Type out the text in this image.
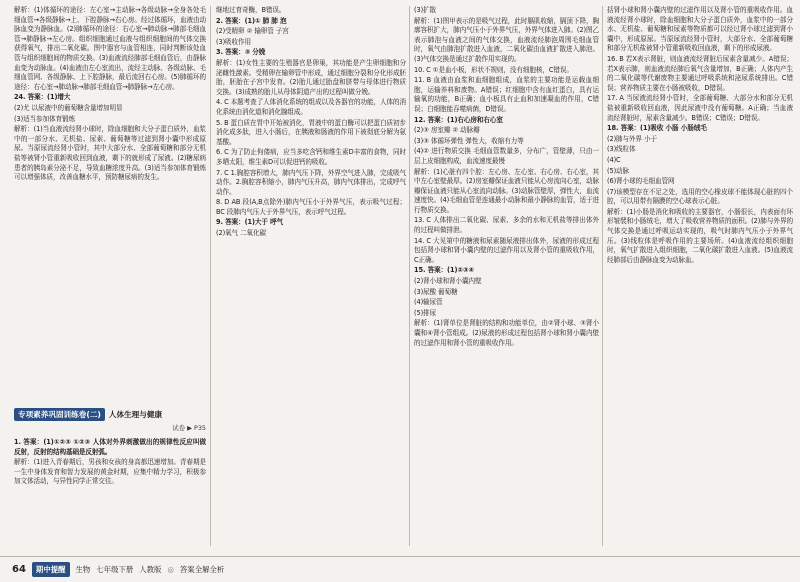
解析：(1)体循环的途径：左心室→主动脉→各级动脉→全身各处毛细血管→各级静脉→上、下腔静脉→右心房。经过体循环，血液由动脉血变为静脉血。(2)肺循环的途径：右心室→肺动脉→肺部毛细血管→肺静脉→左心房。组织细胞通过血液与组织细胞间的气体交换获得氧气，排出二氧化碳。图中器官与血管相连，同时判断该处血管与组织细胞间的物质交换。(3)血液流经肺部毛细血管后，由静脉血变为动脉血。(4)血液由左心室流出，流经主动脉、各级动脉、毛细血管网、各级静脉、上下腔静脉，最后流回右心房。(5)肺循环的途径：右心室→肺动脉→肺部毛细血管→肺静脉→左心房。

24. 答案：(1)增大

(2)尤 以尿液中的葡萄糖含量增加明显

(3)适当参加体育锻炼

解析：(1)当血液流经肾小球时，除血细胞和大分子蛋白质外，血浆中的一部分水、无机盐、尿素、葡萄糖等过滤到肾小囊中形成原尿。当原尿流经肾小管时，其中大部分水、全部葡萄糖和部分无机盐等被肾小管重新吸收回到血液，剩下的就形成了尿液。(2)糖尿病患者的胰岛素分泌不足，导致血糖浓度升高。(3)适当参加体育锻炼可以增强体质，改善血糖水平，预防糖尿病的发生。

专项素养巩固训练卷(二)	人体生理与健康
试卷 ▶ P35

1. 答案：(1)①②③ ①②③ 人体对外界刺激做出的规律性反应叫做反射，反射的结构基础是反射弧。

解析：(1)进入青春期后，男孩和女孩的身高都迅速增加。青春期是一生中身体发育和智力发展的黄金时期，应集中精力学习，积极参加文体活动，与异性同学正常交往。

继地过育奇酶，B错误。

2. 答案：(1)① 肺 肺 泡

(2)受精卵 ② 输卵管 子宫

(3)吸收作用

3. 答案：③ 分娩

解析：(1)女性主要的生殖器官是卵巢，其功能是产生卵细胞和分泌雌性激素。受精卵在输卵管中形成，通过细胞分裂和分化形成胚胎，胚胎在子宫中发育。(2)胎儿通过胎盘和脐带与母体进行物质交换。(3)成熟的胎儿从母体阴道产出的过程叫做分娩。

4. C 本题考查了人体消化系统的组成以及各器官的功能，人体的消化系统由消化道和消化腺组成。

5. B 蛋白质在胃中开始被消化，胃液中的蛋白酶可以把蛋白质初步消化成多肽，进入小肠后，在胰液和肠液的作用下被彻底分解为氨基酸。

6. C 为了防止佝偻病，应当多吃含钙和维生素D丰富的食物，同时多晒太阳，维生素D可以促进钙的吸收。

7. C 1.胸腔容积增大，肺内气压下降，外界空气进入肺，完成吸气动作。2.胸腔容积缩小，肺内气压升高，肺内气体排出，完成呼气动作。

8. D AB 段(A,B点除外)肺内气压小于外界气压，表示吸气过程；BC 段肺内气压大于外界气压，表示呼气过程。

9. 答案：(1)大于 呼气

(2)氧气 二氧化碳

(3)扩散

解析：(1)图甲表示的是吸气过程，此时膈肌收缩，膈顶下降，胸廓容积扩大，肺内气压小于外界气压，外界气体进入肺。(2)图乙表示肺泡与血液之间的气体交换，血液流经肺泡周围毛细血管时，氧气由肺泡扩散进入血液，二氧化碳由血液扩散进入肺泡。(3)气体交换是通过扩散作用实现的。

10. C ①是血小板，形状不规则，没有细胞核，C错误。

11. B 血液由血浆和血细胞组成，血浆的主要功能是运载血细胞，运输养料和废物。A错误；红细胞中含有血红蛋白，具有运输氧的功能，B正确；血小板具有止血和加速凝血的作用，C错误；白细胞能吞噬病菌，D错误。

12. 答案：(1)右心房和右心室

(2)③ 房室瓣 ② 动脉瓣

(3)③ 体循环弹性 弹性大，收缩有力等

(4)② 进行物质交换 毛细血管数量多，分布广，管壁薄，只由一层上皮细胞构成，血流速度最慢

解析：(1)心脏有四个腔：左心房、左心室、右心房、右心室，其中左心室壁最厚。(2)房室瓣保证血液只能从心房流向心室，动脉瓣保证血液只能从心室流向动脉。(3)动脉管壁厚，弹性大，血流速度快。(4)毛细血管是连通最小动脉和最小静脉的血管，适于进行物质交换。

13. C 人体排出二氧化碳、尿素、多余的水和无机盐等排出体外的过程叫做排泄。

14. C 大见第中的糖液和尿素随尿液排出体外，尿液的形成过程包括肾小球和肾小囊内壁的过滤作用以及肾小管的重吸收作用，C正确。

15. 答案：(1)②③④

(2)肾小球和肾小囊内壁

(3)尿酸 葡萄糖

(4)输尿管

(5)排尿

解析：(1)肾单位是肾脏的结构和功能单位，由②肾小球、③肾小囊和④肾小管组成。(2)尿液的形成过程包括肾小球和肾小囊内壁的过滤作用和肾小管的重吸收作用。

括肾小球和肾小囊内壁的过滤作用以及肾小管的重吸收作用。血液流经肾小球时，除血细胞和大分子蛋白质外，血浆中的一部分水、无机盐、葡萄糖和尿素等物质都可以经过肾小球过滤到肾小囊中，形成原尿。当原尿流经肾小管时，大部分水、全部葡萄糖和部分无机盐被肾小管重新吸收回血液，剩下的形成尿液。

16. B 若X表示肾脏，则血液流经肾脏后尿素含量减少。A错误；若X表示肺，则血液流经肺后氧气含量增加，B正确；人体内产生的二氧化碳等代谢废物主要通过呼吸系统和泌尿系统排出。C错误；营养物质主要在小肠被吸收，D错误。

17. A 当尿液流经肾小管时，全部葡萄糖、大部分水和部分无机盐被重新吸收回血液，因此尿液中没有葡萄糖。A正确；当血液流经肾脏时，尿素含量减少。B错误；C错误；D错误。

18. 答案：(1)吸收 小肠 小肠绒毛

(2)肺与外界 小于

(3)线粒体

(4)C

(5)动脉

(6)肾小球的毛细血管网

(7)该模型存在不足之处，选用的空心橡皮球不能体现心脏的四个腔，可以用带有隔膜的空心球表示心脏。

解析：(1)小肠是消化和吸收的主要器官，小肠很长，内表面有环形皱襞和小肠绒毛，增大了吸收营养物质的面积。(2)肺与外界的气体交换是通过呼吸运动实现的，吸气时肺内气压小于外界气压。(3)线粒体是呼吸作用的主要场所。(4)血液流经组织细胞时，氧气扩散进入组织细胞，二氧化碳扩散进入血液。(5)血液流经肺部后由静脉血变为动脉血。

64	期中提醒	生物 七年级下册 人教版 ◎ 答案全解全析
